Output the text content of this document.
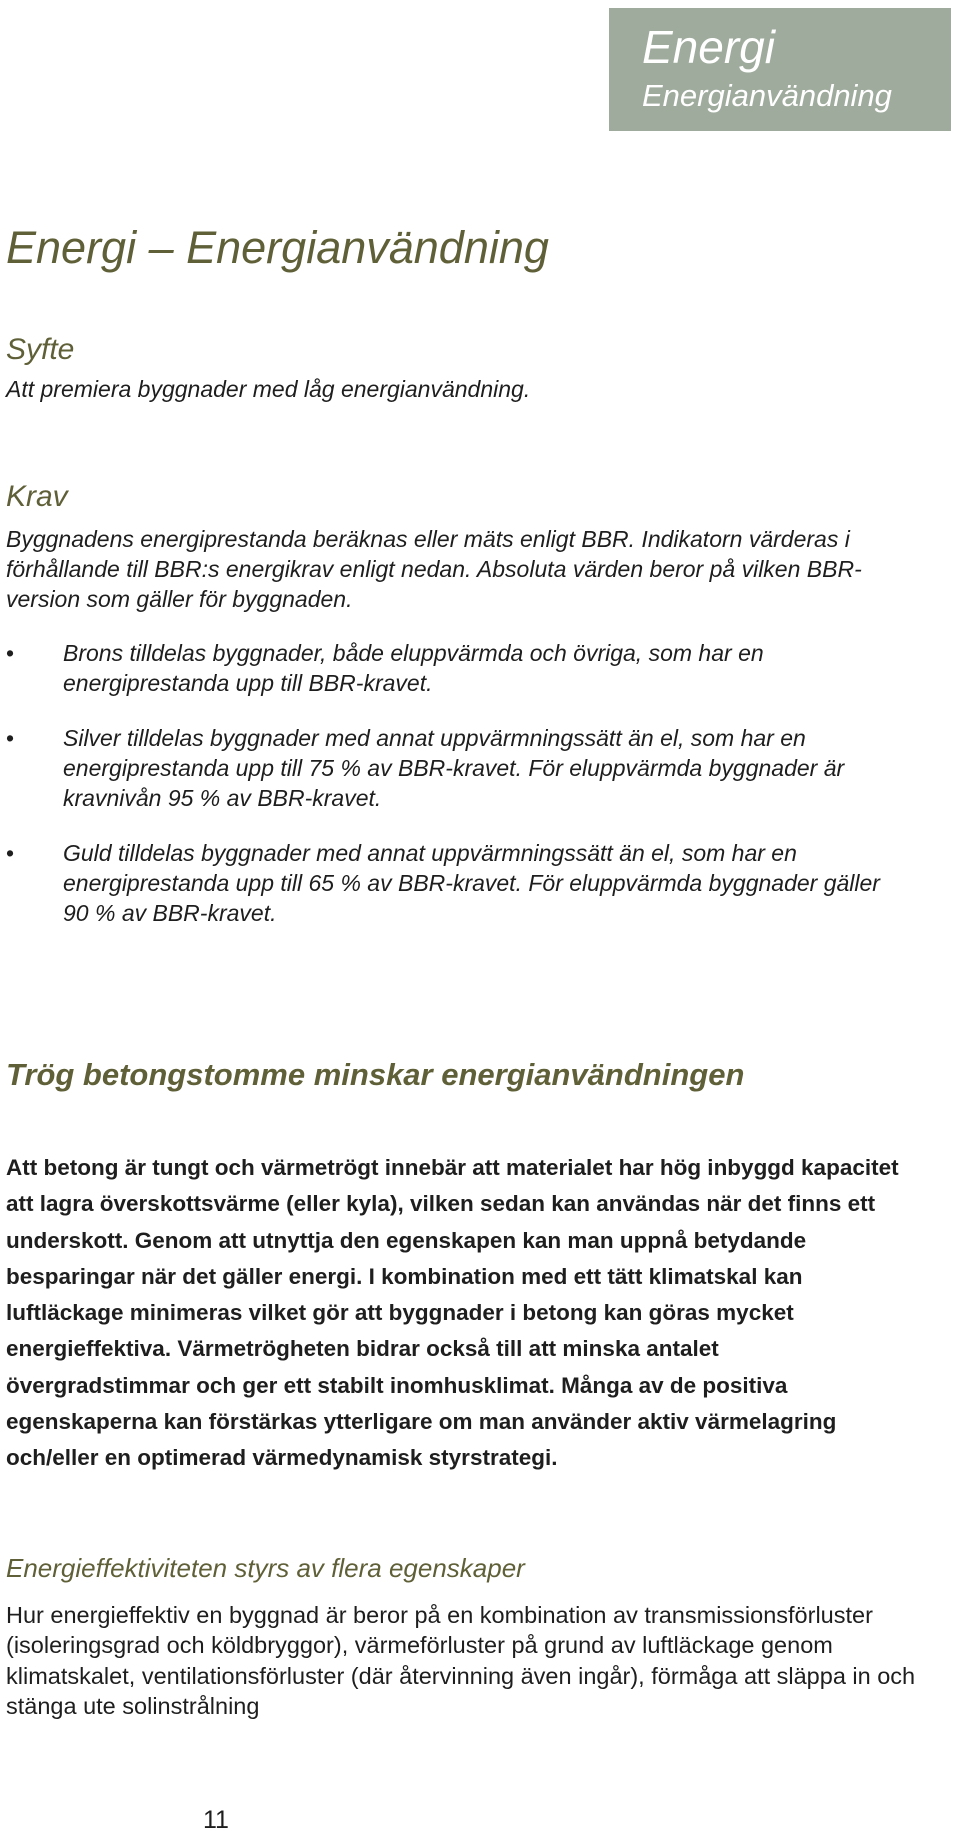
Energi
Energianvändning
Energi – Energianvändning
Syfte
Att premiera byggnader med låg energianvändning.
Krav
Byggnadens energiprestanda beräknas eller mäts enligt BBR. Indikatorn värderas i förhållande till BBR:s energikrav enligt nedan. Absoluta värden beror på vilken BBR-version som gäller för byggnaden.
• Brons tilldelas byggnader, både eluppvärmda och övriga, som har en energiprestanda upp till BBR-kravet.
• Silver tilldelas byggnader med annat uppvärmningssätt än el, som har en energiprestanda upp till 75 % av BBR-kravet. För eluppvärmda byggnader är kravnivån 95 % av BBR-kravet.
• Guld tilldelas byggnader med annat uppvärmningssätt än el, som har en energiprestanda upp till 65 % av BBR-kravet. För eluppvärmda byggnader gäller 90 % av BBR-kravet.
Trög betongstomme minskar energianvändningen
Att betong är tungt och värmetrögt innebär att materialet har hög inbyggd kapacitet att lagra överskottsvärme (eller kyla), vilken sedan kan användas när det finns ett underskott. Genom att utnyttja den egenskapen kan man uppnå betydande besparingar när det gäller energi. I kombination med ett tätt klimatskal kan luftläckage minimeras vilket gör att byggnader i betong kan göras mycket energieffektiva. Värmetrögheten bidrar också till att minska antalet övergradstimmar och ger ett stabilt inomhusklimat. Många av de positiva egenskaperna kan förstärkas ytterligare om man använder aktiv värmelagring och/eller en optimerad värmedynamisk styrstrategi.
Energieffektiviteten styrs av flera egenskaper
Hur energieffektiv en byggnad är beror på en kombination av transmissionsförluster (isoleringsgrad och köldbryggor), värmeförluster på grund av luftläckage genom klimatskalet, ventilationsförluster (där återvinning även ingår), förmåga att släppa in och stänga ute solinstrålning
11
